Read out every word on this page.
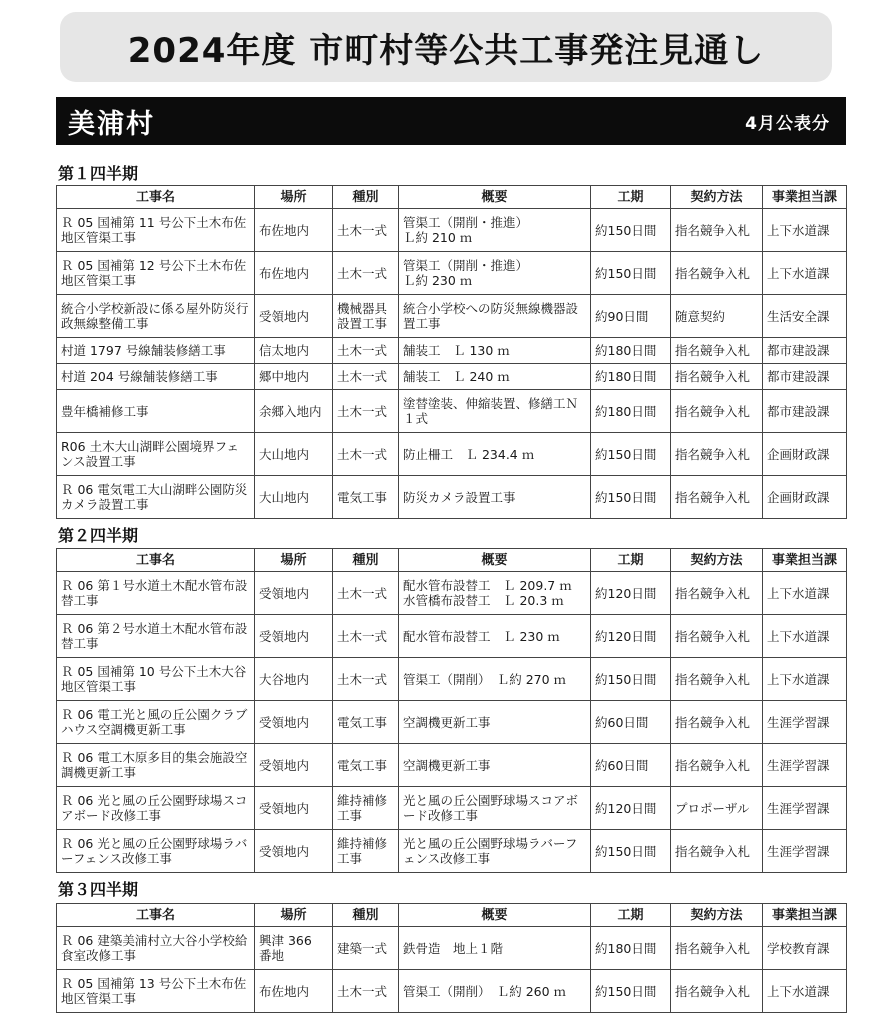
2024年度 市町村等公共工事発注見通し
美浦村	4月公表分
第１四半期
工事名	場所	種別	概要	工期	契約方法	事業担当課

Ｒ 05 国補第 11 号公下土木布佐地区管渠工事	布佐地内	土木一式	管渠工（開削・推進）
Ｌ約 210 ｍ	約150日間	指名競争入札	上下水道課

Ｒ 05 国補第 12 号公下土木布佐地区管渠工事	布佐地内	土木一式	管渠工（開削・推進）
Ｌ約 230 ｍ	約150日間	指名競争入札	上下水道課

統合小学校新設に係る屋外防災行政無線整備工事	受領地内	機械器具
設置工事	統合小学校への防災無線機器設置工事	約90日間	随意契約	生活安全課

村道 1797 号線舗装修繕工事	信太地内	土木一式	舗装工　Ｌ 130 ｍ	約180日間	指名競争入札	都市建設課

村道 204 号線舗装修繕工事	郷中地内	土木一式	舗装工　Ｌ 240 ｍ	約180日間	指名競争入札	都市建設課

豊年橋補修工事	余郷入地内	土木一式	塗替塗装、伸縮装置、修繕工Ｎ１式	約180日間	指名競争入札	都市建設課

R06 土木大山湖畔公園境界フェンス設置工事	大山地内	土木一式	防止柵工　Ｌ 234.4 ｍ	約150日間	指名競争入札	企画財政課

Ｒ 06 電気電工大山湖畔公園防災カメラ設置工事	大山地内	電気工事	防災カメラ設置工事	約150日間	指名競争入札	企画財政課
第２四半期
工事名	場所	種別	概要	工期	契約方法	事業担当課

Ｒ 06 第１号水道土木配水管布設替工事	受領地内	土木一式	配水管布設替工　Ｌ 209.7 ｍ
水管橋布設替工　Ｌ 20.3 ｍ	約120日間	指名競争入札	上下水道課

Ｒ 06 第２号水道土木配水管布設替工事	受領地内	土木一式	配水管布設替工　Ｌ 230 ｍ	約120日間	指名競争入札	上下水道課

Ｒ 05 国補第 10 号公下土木大谷地区管渠工事	大谷地内	土木一式	管渠工（開削）　Ｌ約 270 ｍ	約150日間	指名競争入札	上下水道課

Ｒ 06 電工光と風の丘公園クラブハウス空調機更新工事	受領地内	電気工事	空調機更新工事	約60日間	指名競争入札	生涯学習課

Ｒ 06 電工木原多目的集会施設空調機更新工事	受領地内	電気工事	空調機更新工事	約60日間	指名競争入札	生涯学習課

Ｒ 06 光と風の丘公園野球場スコアボード改修工事	受領地内	維持補修
工事	光と風の丘公園野球場スコアボード改修工事	約120日間	プロポーザル	生涯学習課

Ｒ 06 光と風の丘公園野球場ラバーフェンス改修工事	受領地内	維持補修
工事	光と風の丘公園野球場ラバーフェンス改修工事	約150日間	指名競争入札	生涯学習課
第３四半期
工事名	場所	種別	概要	工期	契約方法	事業担当課

Ｒ 06 建築美浦村立大谷小学校給食室改修工事	興津 366
番地	建築一式	鉄骨造　地上１階	約180日間	指名競争入札	学校教育課

Ｒ 05 国補第 13 号公下土木布佐地区管渠工事	布佐地内	土木一式	管渠工（開削）　Ｌ約 260 ｍ	約150日間	指名競争入札	上下水道課
